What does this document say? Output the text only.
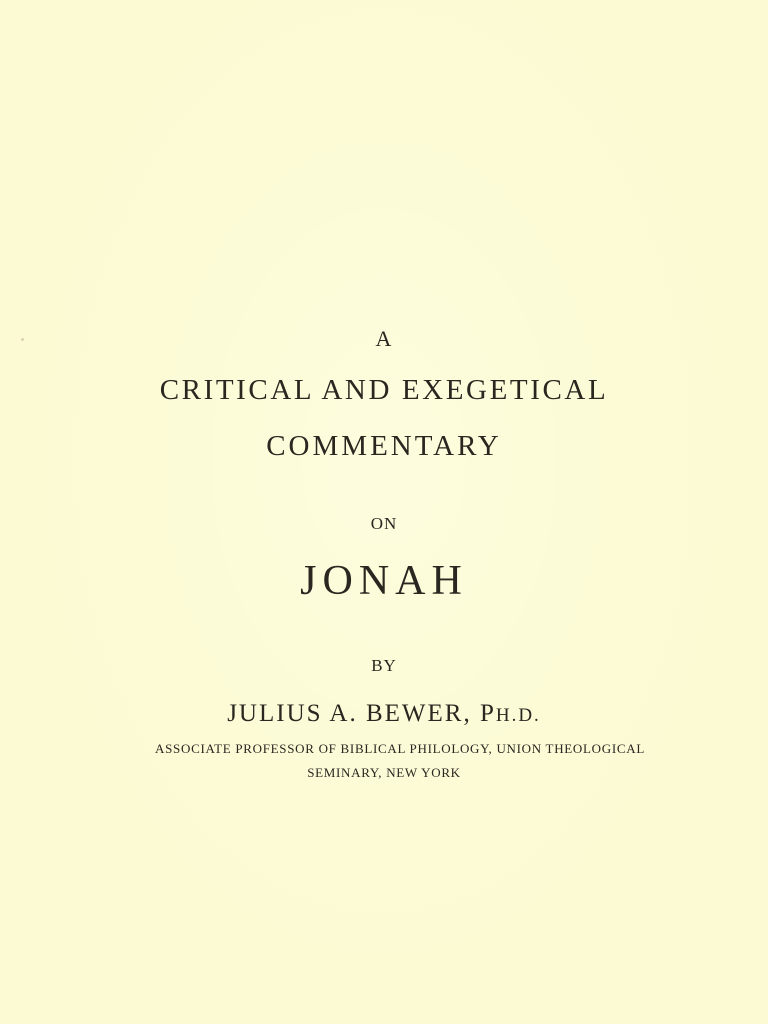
A
CRITICAL AND EXEGETICAL
COMMENTARY
ON
JONAH
BY
JULIUS A. BEWER, PH.D.
ASSOCIATE PROFESSOR OF BIBLICAL PHILOLOGY, UNION THEOLOGICAL
SEMINARY, NEW YORK
